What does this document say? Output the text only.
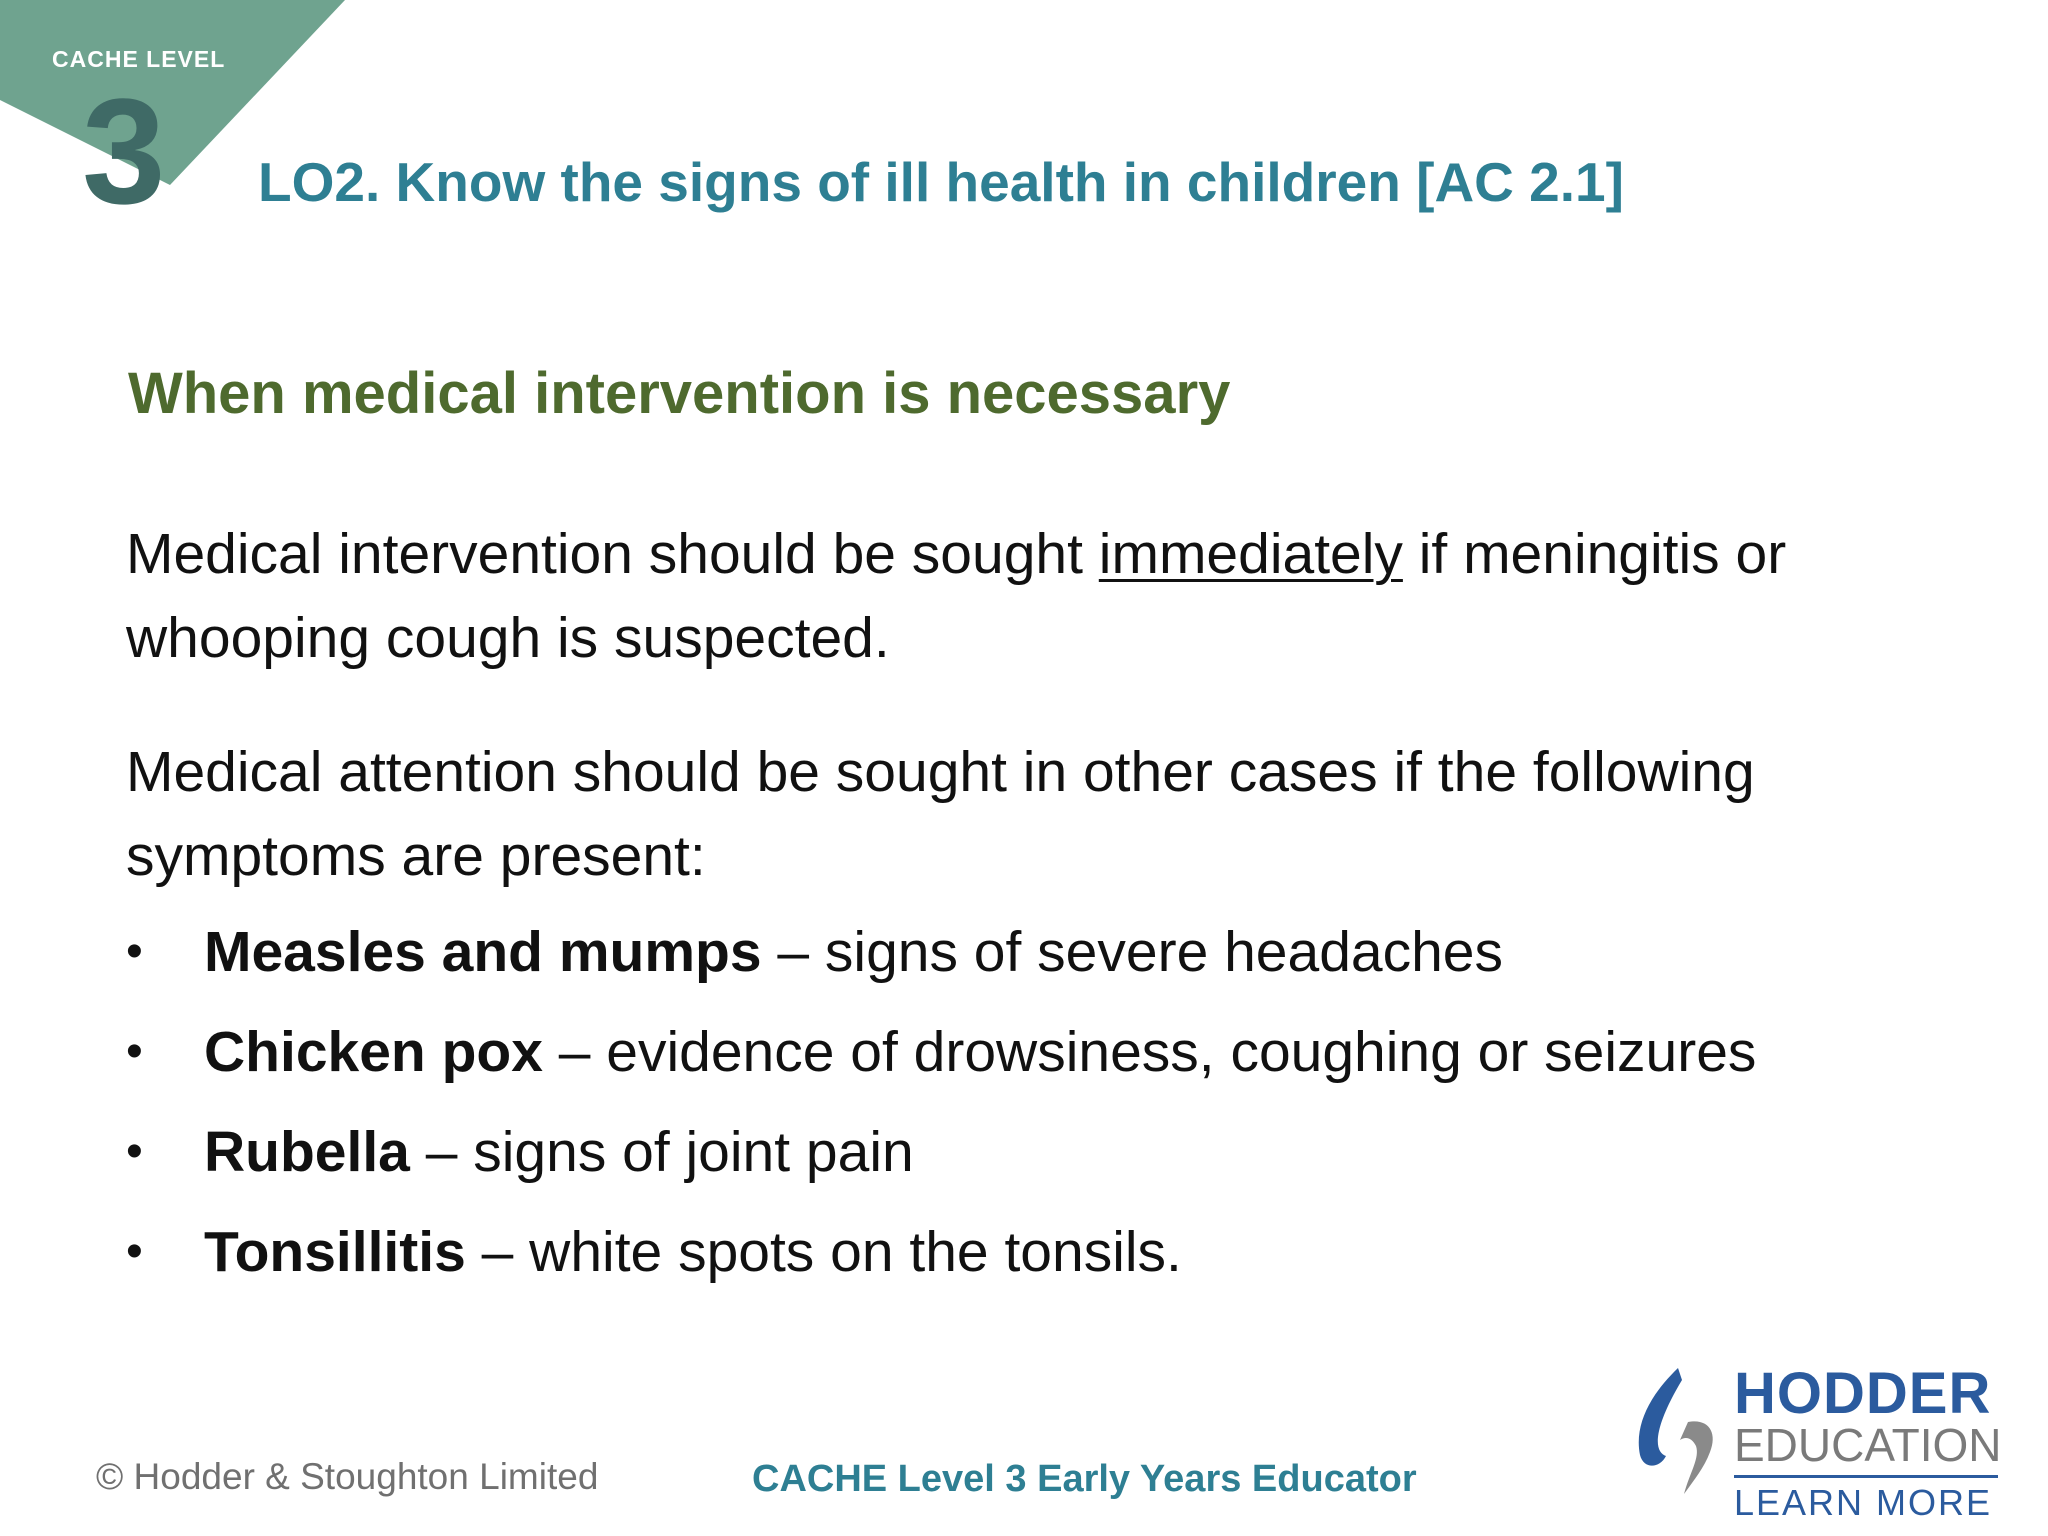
CACHE LEVEL
3 LO2. Know the signs of ill health in children [AC 2.1]
When medical intervention is necessary
Medical intervention should be sought immediately if meningitis or whooping cough is suspected.
Medical attention should be sought in other cases if the following symptoms are present:
• Measles and mumps – signs of severe headaches
• Chicken pox – evidence of drowsiness, coughing or seizures
• Rubella – signs of joint pain
• Tonsillitis – white spots on the tonsils.
© Hodder & Stoughton Limited	CACHE Level 3 Early Years Educator
HODDER
EDUCATION
LEARN MORE
